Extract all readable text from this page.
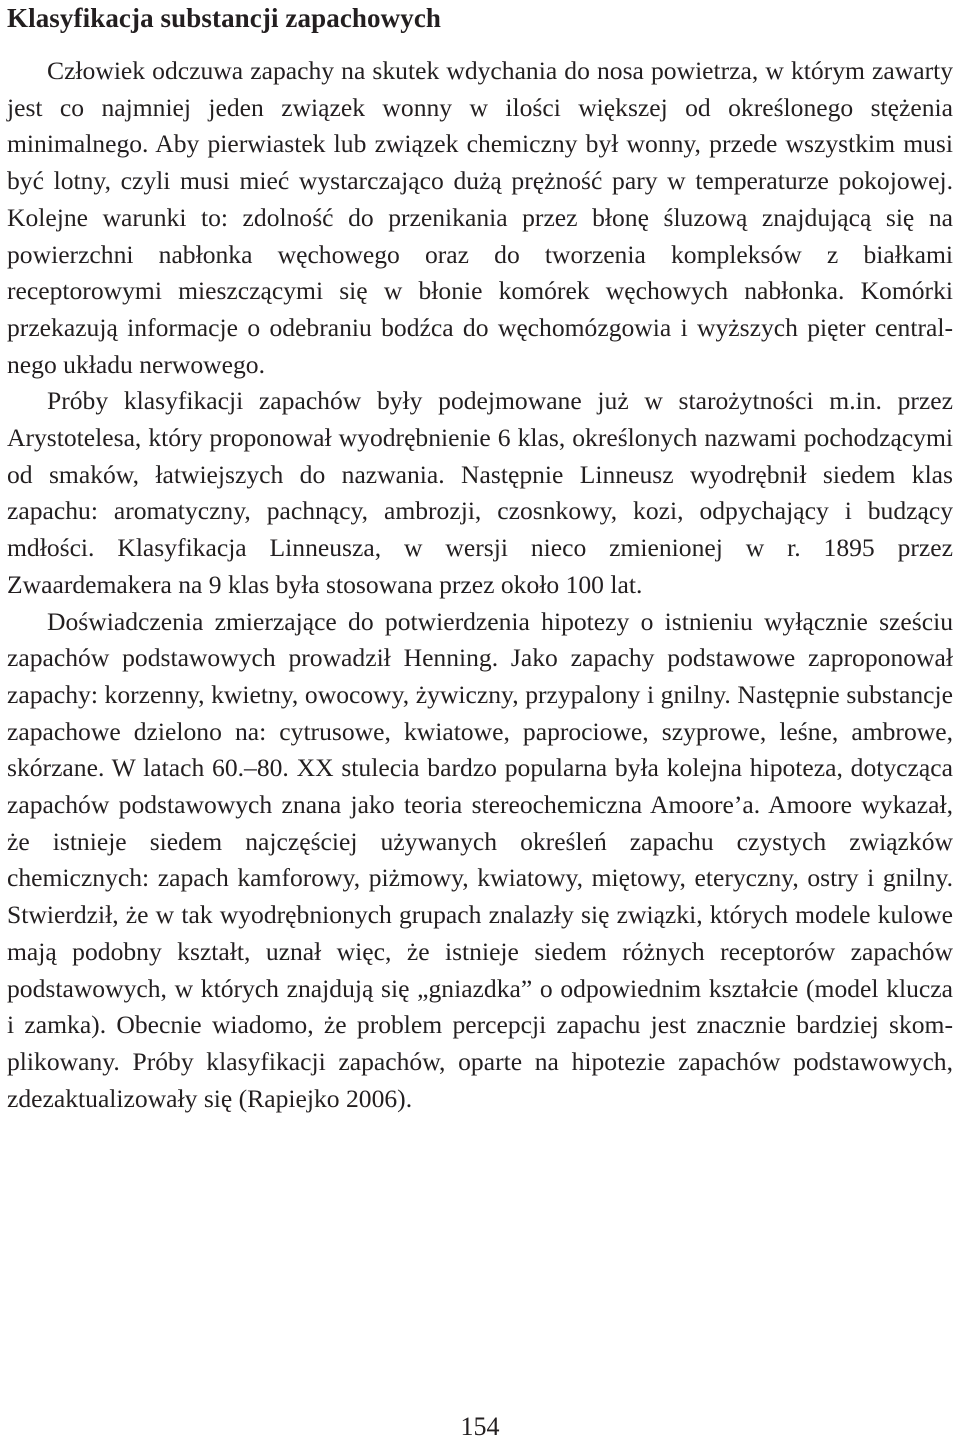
Klasyfikacja substancji zapachowych

Człowiek odczuwa zapachy na skutek wdychania do nosa powietrza, w którym zawarty jest co najmniej jeden związek wonny w ilości większej od określonego stężenia minimalnego. Aby pierwiastek lub związek chemiczny był wonny, przede wszystkim musi być lotny, czyli musi mieć wystarczająco dużą prężność pary w temperaturze pokojowej. Kolejne warunki to: zdolność do przenikania przez błonę śluzową znajdującą się na powierzchni nabłonka węchowego oraz do tworzenia kompleksów z białkami receptorowymi mieszczącymi się w błonie komórek węchowych nabłonka. Komórki przekazują informacje o odebraniu bodźca do węchomózgowia i wyższych pięter centralnego układu nerwowego.

Próby klasyfikacji zapachów były podejmowane już w starożytności m.in. przez Arystotelesa, który proponował wyodrębnienie 6 klas, określonych nazwami pochodzącymi od smaków, łatwiejszych do nazwania. Następnie Linneusz wyodrębnił siedem klas zapachu: aromatyczny, pachnący, ambrozji, czosnkowy, kozi, odpychający i budzący mdłości. Klasyfikacja Linneusza, w wersji nieco zmienionej w r. 1895 przez Zwaardemakera na 9 klas była stosowana przez około 100 lat.

Doświadczenia zmierzające do potwierdzenia hipotezy o istnieniu wyłącznie sześciu zapachów podstawowych prowadził Henning. Jako zapachy podstawowe zaproponował zapachy: korzenny, kwietny, owocowy, żywiczny, przypalony i gnilny. Następnie substancje zapachowe dzielono na: cytrusowe, kwiatowe, paprociowe, szyprowe, leśne, ambrowe, skórzane. W latach 60.–80. XX stulecia bardzo popularna była kolejna hipoteza, dotycząca zapachów podstawowych znana jako teoria stereochemiczna Amoore’a. Amoore wykazał, że istnieje siedem najczęściej używanych określeń zapachu czystych związków chemicznych: zapach kamforowy, piżmowy, kwiatowy, miętowy, eteryczny, ostry i gnilny. Stwierdził, że w tak wyodrębnionych grupach znalazły się związki, których modele kulowe mają podobny kształt, uznał więc, że istnieje siedem różnych receptorów zapachów podstawowych, w których znajdują się „gniazdka” o odpowiednim kształcie (model klucza i zamka). Obecnie wiadomo, że problem percepcji zapachu jest znacznie bardziej skomplikowany. Próby klasyfikacji zapachów, oparte na hipotezie zapachów podstawowych, zdezaktualizowały się (Rapiejko 2006).

154
